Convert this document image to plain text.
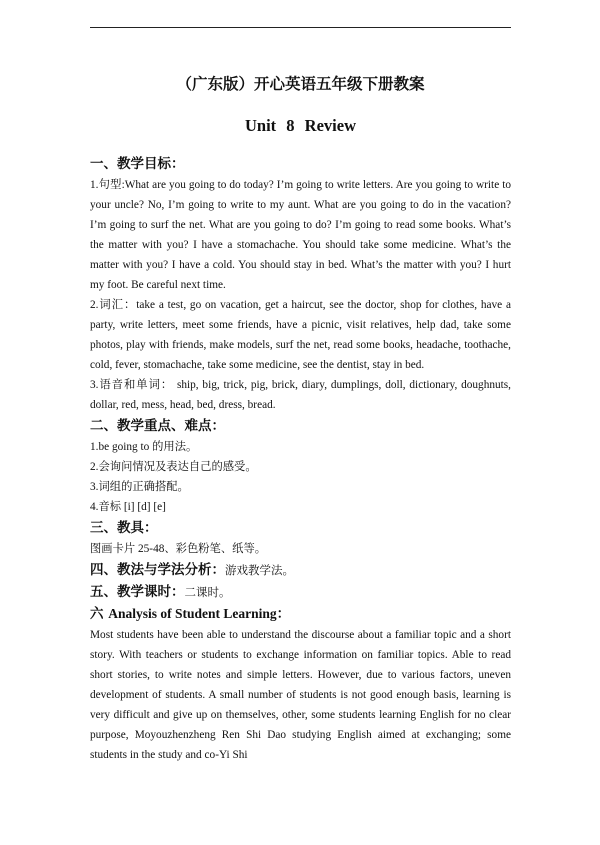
（广东版）开心英语五年级下册教案
Unit 8 Review
一、教学目标：
1.句型:What are you going to do today? I’m going to write letters. Are you going to write to your uncle? No, I’m going to write to my aunt. What are you going to do in the vacation? I’m going to surf the net. What are you going to do? I’m going to read some books. What’s the matter with you? I have a stomachache. You should take some medicine. What’s the matter with you? I have a cold. You should stay in bed. What’s the matter with you? I hurt my foot. Be careful next time.
2.词汇：take a test, go on vacation, get a haircut, see the doctor, shop for clothes, have a party, write letters, meet some friends, have a picnic, visit relatives, help dad, take some photos, play with friends, make models, surf the net, read some books, headache, toothache, cold, fever, stomachache, take some medicine, see the dentist, stay in bed.
3.语音和单词： ship, big, trick, pig, brick, diary, dumplings, doll, dictionary, doughnuts, dollar, red, mess, head, bed, dress, bread.
二、教学重点、难点：
1.be going to 的用法。
2.会询问情况及表达自己的感受。
3.词组的正确搭配。
4.音标 [i] [d] [e]
三、教具：
图画卡片 25-48、彩色粉笔、纸等。
四、教法与学法分析：游戏教学法。
五、教学课时：二课时。
六 Analysis of Student Learning：
Most students have been able to understand the discourse about a familiar topic and a short story. With teachers or students to exchange information on familiar topics. Able to read short stories, to write notes and simple letters. However, due to various factors, uneven development of students. A small number of students is not good enough basis, learning is very difficult and give up on themselves, other, some students learning English for no clear purpose, Moyouzhenzheng Ren Shi Dao studying English aimed at exchanging; some students in the study and co-Yi Shi
